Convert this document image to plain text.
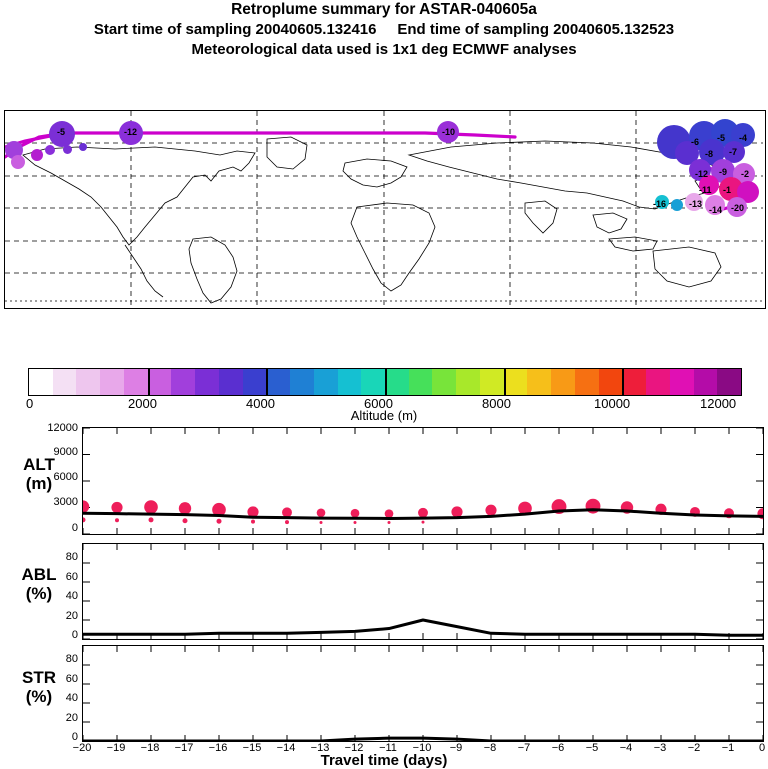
Retroplume summary for ASTAR-040605a
Start time of sampling 20040605.132416     End time of sampling 20040605.132523
Meteorological data used is 1x1 deg ECMWF analyses
-5	-12	-10
-6 -5 -4
-8 -7
-12 -9 -2
-11 -1
-13
-14 -20
-16
0	2000	4000	6000	8000	10000	12000
Altitude (m)
ALT
(m)
12000
9000
6000
3000
0
ABL
(%)
80
60
40
20
0
STR
(%)
80
60
40
20
0
−20	−19	−18	−17	−16	−15	−14	−13	−12	−11	−10	−9	−8	−7	−6	−5	−4	−3	−2	−1	0
Travel time (days)
